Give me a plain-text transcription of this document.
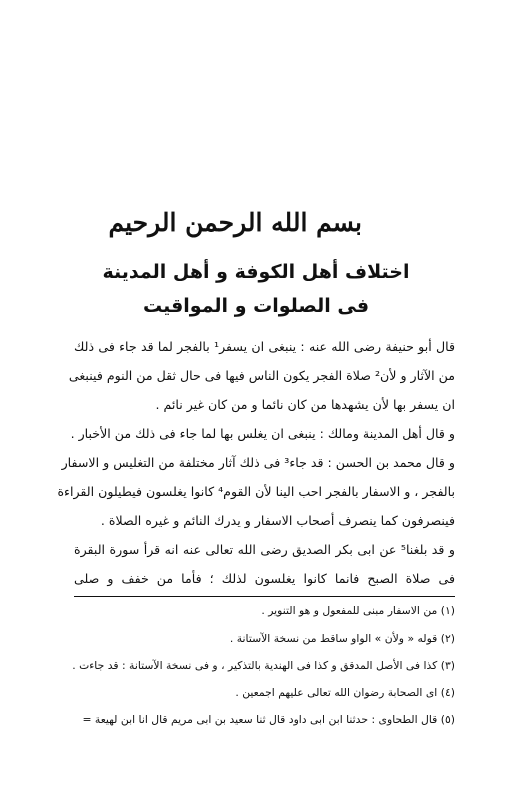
بسم الله الرحمن الرحيم
اختلاف أهل الكوفة و أهل المدينة
فى الصلوات و المواقيت
قال أبو حنيفة رضى الله عنه : ينبغى ان يسفر¹ بالفجر لما قد جاء فى ذلك
من الآثار و لأن² صلاة الفجر يكون الناس فيها فى حال ثقل من النوم فينبغى
ان يسفر بها لأن يشهدها من كان نائما و من كان غير نائم .
و قال أهل المدينة ومالك : ينبغى ان يغلس بها لما جاء فى ذلك من الأخبار .
و قال محمد بن الحسن : قد جاء³ فى ذلك آثار مختلفة من التغليس و الاسفار
بالفجر ، و الاسفار بالفجر احب الينا لأن القوم⁴ كانوا يغلسون فيطيلون القراءة
فينصرفون كما ينصرف أصحاب الاسفار و يدرك النائم و غيره الصلاة .
و قد بلغنا⁵ عن ابى بكر الصديق رضى الله تعالى عنه انه قرأ سورة البقرة
فى صلاة الصبح فانما كانوا يغلسون لذلك ؛ فأما من خفف و صلى
(١) من الاسفار مبنى للمفعول و هو التنوير .
(٢) قوله « ولأن » الواو ساقط من نسخة الآستانة .
(٣) كذا فى الأصل المدقق و كذا فى الهندية بالتذكير ، و فى نسخة الآستانة : قد جاءت .
(٤) اى الصحابة رضوان الله تعالى عليهم اجمعين .
(٥) قال الطحاوى : حدثنا ابن ابى داود قال ثنا سعيد بن ابى مريم قال انا ابن لهيعة =
